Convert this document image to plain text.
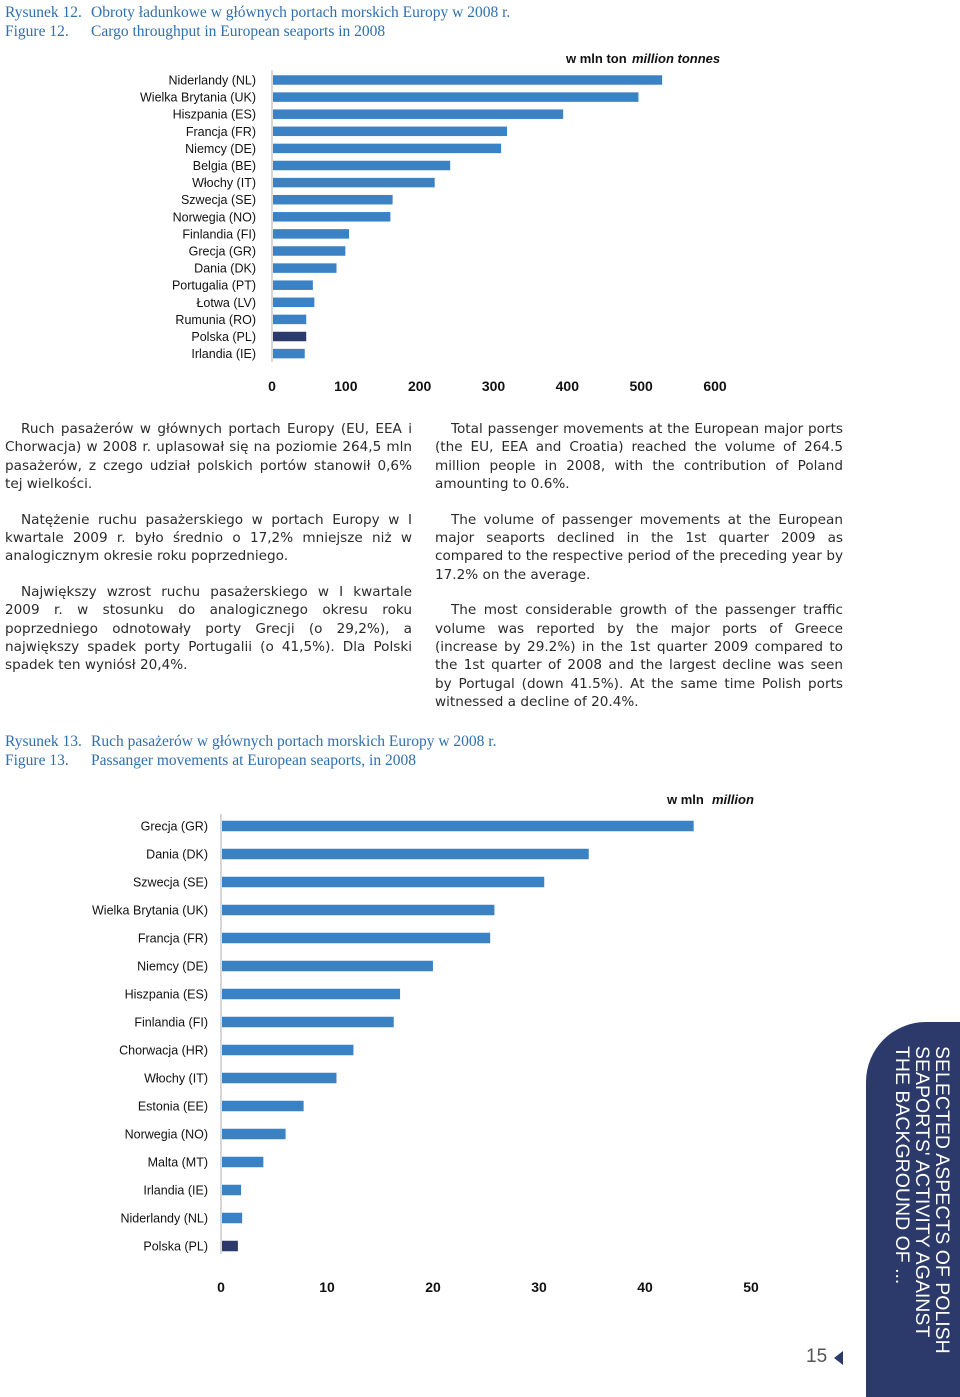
Rysunek 12. Obroty ładunkowe w głównych portach morskich Europy w 2008 r.
Figure 12. Cargo throughput in European seaports in 2008
w mln ton million tonnes
Niderlandy (NL)
Wielka Brytania (UK)
Hiszpania (ES)
Francja (FR)
Niemcy (DE)
Belgia (BE)
Włochy (IT)
Szwecja (SE)
Norwegia (NO)
Finlandia (FI)
Grecja (GR)
Dania (DK)
Portugalia (PT)
Łotwa (LV)
Rumunia (RO)
Polska (PL)
Irlandia (IE)
0	100	200	300	400	500	600

Ruch pasażerów w głównych portach Europy (EU, EEA i Chorwacja) w 2008 r. uplasował się na poziomie 264,5 mln pasażerów, z czego udział polskich portów stanowił 0,6% tej wielkości.

Natężenie ruchu pasażerskiego w portach Europy w I kwartale 2009 r. było średnio o 17,2% mniejsze niż w analogicznym okresie roku poprzedniego.

Największy wzrost ruchu pasażerskiego w I kwartale 2009 r. w stosunku do analogicznego okresu roku poprzedniego odnotowały porty Grecji (o 29,2%), a największy spadek porty Portugalii (o 41,5%). Dla Polski spadek ten wyniósł 20,4%.

Total passenger movements at the European major ports (the EU, EEA and Croatia) reached the volume of 264.5 million people in 2008, with the contribution of Poland amounting to 0.6%.

The volume of passenger movements at the European major seaports declined in the 1st quarter 2009 as compared to the respective period of the preceding year by 17.2% on the average.

The most considerable growth of the passenger traffic volume was reported by the major ports of Greece (increase by 29.2%) in the 1st quarter 2009 compared to the 1st quarter of 2008 and the largest decline was seen by Portugal (down 41.5%). At the same time Polish ports witnessed a decline of 20.4%.

Rysunek 13. Ruch pasażerów w głównych portach morskich Europy w 2008 r.
Figure 13. Passanger movements at European seaports, in 2008
w mln million
Grecja (GR)
Dania (DK)
Szwecja (SE)
Wielka Brytania (UK)
Francja (FR)
Niemcy (DE)
Hiszpania (ES)
Finlandia (FI)
Chorwacja (HR)
Włochy (IT)
Estonia (EE)
Norwegia (NO)
Malta (MT)
Irlandia (IE)
Niderlandy (NL)
Polska (PL)
0	10	20	30	40	50	SELECTED ASPECTS OF POLISH
SEAPORTS' ACTIVITY AGAINST
THE BACKGROUND OF ...
15
